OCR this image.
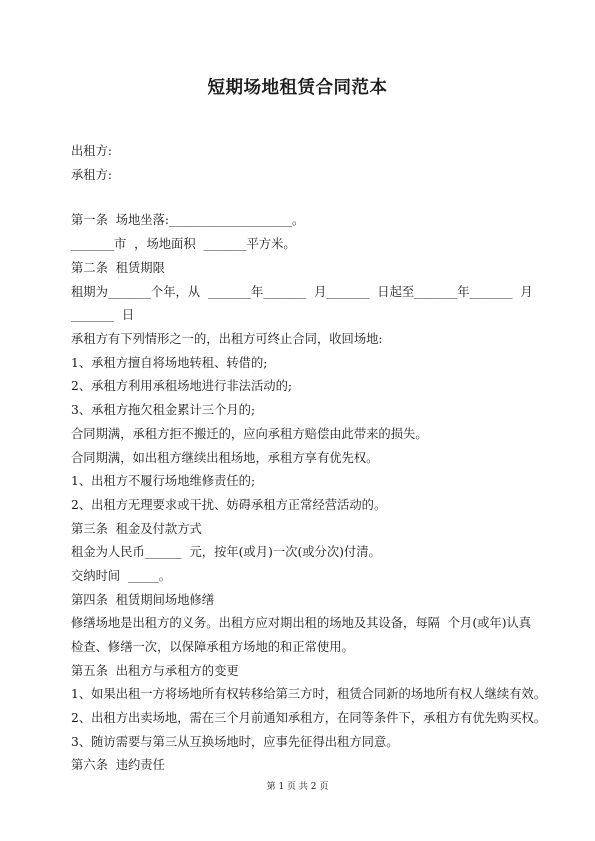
短期场地租赁合同范本
出租方:
承租方:
第一条  场地坐落:____________________。
_______市  ，场地面积  _______平方米。
第二条  租赁期限
租期为_______个年，从  _______年_______  月_______  日起至_______年_______  月
_______  日
承租方有下列情形之一的，出租方可终止合同，收回场地:
1、承租方擅自将场地转租、转借的;
2、承租方利用承租场地进行非法活动的;
3、承租方拖欠租金累计三个月的;
合同期满，承租方拒不搬迁的，应向承租方赔偿由此带来的损失。
合同期满，如出租方继续出租场地，承租方享有优先权。
1、出租方不履行场地维修责任的;
2、出租方无理要求或干扰、妨碍承租方正常经营活动的。
第三条  租金及付款方式
租金为人民币______  元，按年(或月)一次(或分次)付清。
交纳时间  _____。
第四条  租赁期间场地修缮
修缮场地是出租方的义务。出租方应对期出租的场地及其设备，每隔  个月(或年)认真
检查、修缮一次，以保障承租方场地的和正常使用。
第五条  出租方与承租方的变更
1、如果出租一方将场地所有权转移给第三方时，租赁合同新的场地所有权人继续有效。
2、出租方出卖场地，需在三个月前通知承租方，在同等条件下，承租方有优先购买权。
3、随访需要与第三从互换场地时，应事先征得出租方同意。
第六条  违约责任
第 1 页 共 2 页
